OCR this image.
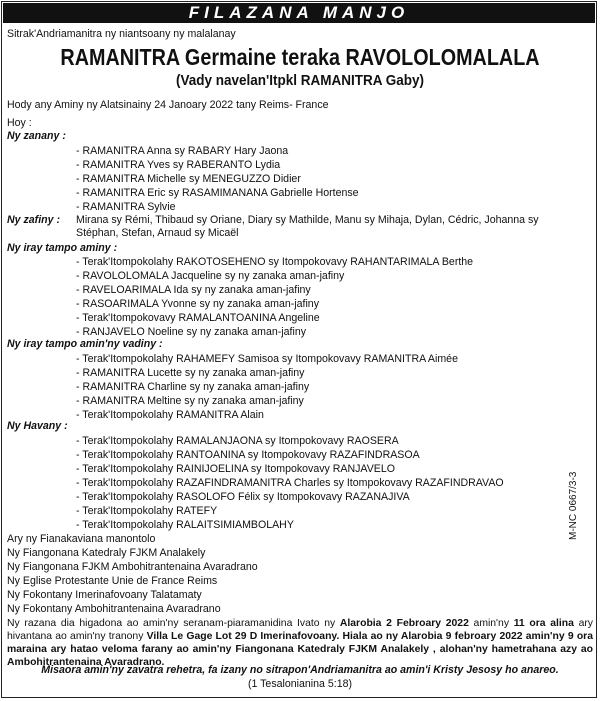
FILAZANA MANJO
Sitrak'Andriamanitra ny niantsoany ny malalanay
RAMANITRA Germaine teraka RAVOLOLOMALALA
(Vady navelan'Itpkl RAMANITRA Gaby)
Hody any Aminy ny Alatsinainy 24 Janoary 2022 tany Reims- France
Hoy :
Ny zanany :
- RAMANITRA Anna sy RABARY Hary Jaona
- RAMANITRA Yves sy RABERANTO Lydia
- RAMANITRA Michelle sy MENEGUZZO Didier
- RAMANITRA Eric sy RASAMIMANANA Gabrielle Hortense
- RAMANITRA Sylvie
Ny zafiny : Mirana sy Rémi, Thibaud sy Oriane, Diary sy Mathilde, Manu sy Mihaja, Dylan, Cédric, Johanna sy Stéphan, Stefan, Arnaud sy Micaël
Ny iray tampo aminy :
- Terak'Itompokolahy RAKOTOSEHENO sy Itompokovavy RAHANTARIMALA Berthe
- RAVOLOLOMALA Jacqueline sy ny zanaka aman-jafiny
- RAVELOARIMALA Ida sy ny zanaka aman-jafiny
- RASOARIMALA Yvonne sy ny zanaka aman-jafiny
- Terak'Itompokovavy RAMALANTOANINA Angeline
- RANJAVELO Noeline sy ny zanaka aman-jafiny
Ny iray tampo amin'ny vadiny :
- Terak'Itompokolahy RAHAMEFY Samisoa sy Itompokovavy RAMANITRA Aimée
- RAMANITRA Lucette sy ny zanaka aman-jafiny
- RAMANITRA Charline sy ny zanaka aman-jafiny
- RAMANITRA Meltine sy ny zanaka aman-jafiny
- Terak'Itompokolahy RAMANITRA Alain
Ny Havany :
- Terak'Itompokolahy RAMALANJAONA sy Itompokovavy RAOSERA
- Terak'Itompokolahy RANTOANINA sy Itompokovavy RAZAFINDRASOA
- Terak'Itompokolahy RAINIJOELINA sy Itompokovavy RANJAVELO
- Terak'Itompokolahy RAZAFINDRAMANITRA Charles sy Itompokovavy RAZAFINDRAVAO
- Terak'Itompokolahy RASOLOFO Félix sy Itompokovavy RAZANAJIVA
- Terak'Itompokolahy RATEFY
- Terak'Itompokolahy RALAITSIMIAMBOLAHY
Ary ny Fianakaviana manontolo
Ny Fiangonana Katedraly FJKM Analakely
Ny Fiangonana FJKM Ambohitrantenaina Avaradrano
Ny Eglise Protestante Unie de France Reims
Ny Fokontany Imerinafovoany Talatamaty
Ny Fokontany Ambohitrantenaina Avaradrano
Ny razana dia higadona ao amin'ny seranam-piaramanidina Ivato ny Alarobia 2 Febroary 2022 amin'ny 11 ora alina ary hivantana ao amin'ny tranony Villa Le Gage Lot 29 D Imerinafovoany. Hiala ao ny Alarobia 9 febroary 2022 amin'ny 9 ora maraina ary hatao veloma farany ao amin'ny Fiangonana Katedraly FJKM Analakely , alohan'ny hametrahana azy ao Ambohitrantenaina Avaradrano.
Misaora amin'ny zavatra rehetra, fa izany no sitrapon'Andriamanitra ao amin'i Kristy Jesosy ho anareo.
(1 Tesalonianina 5:18)
M-NC 0667/3-3
